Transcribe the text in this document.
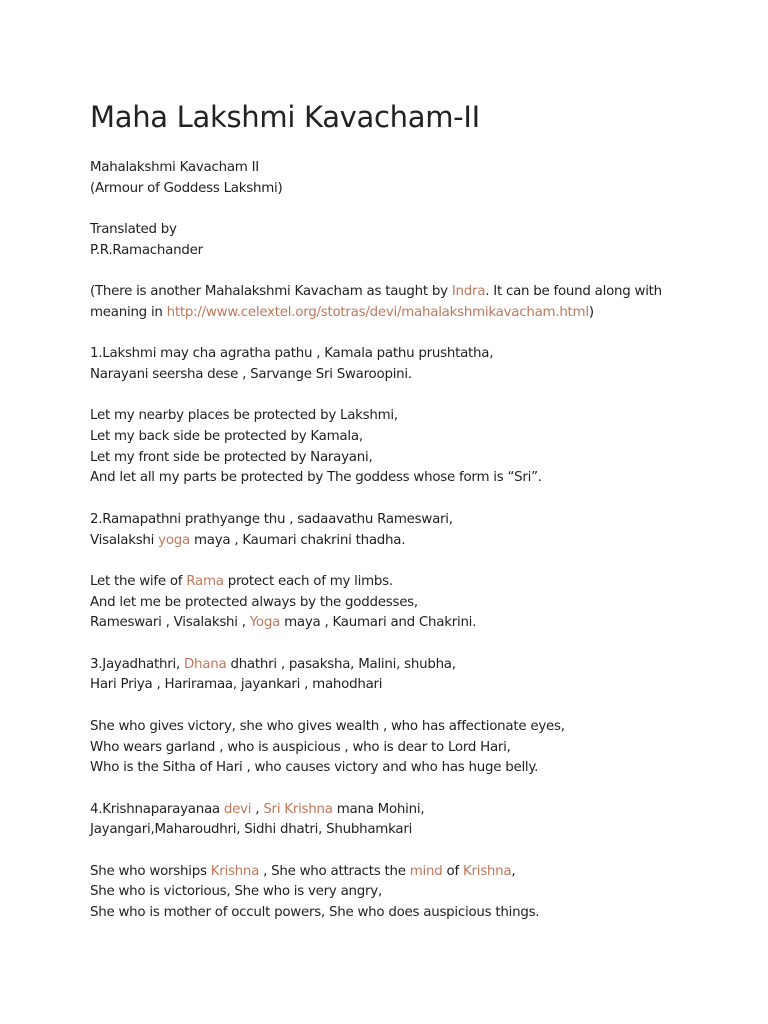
Maha Lakshmi Kavacham-II
Mahalakshmi Kavacham II
(Armour of Goddess Lakshmi)
Translated by
P.R.Ramachander
(There is another Mahalakshmi Kavacham as taught by Indra. It can be found along with
meaning in http://www.celextel.org/stotras/devi/mahalakshmikavacham.html)
1.Lakshmi may cha agratha pathu , Kamala pathu prushtatha,
Narayani seersha dese , Sarvange Sri Swaroopini.
Let my nearby places be protected by Lakshmi,
Let my back side be protected by Kamala,
Let my front side be protected by Narayani,
And let all my parts be protected by The goddess whose form is “Sri”.
2.Ramapathni prathyange thu , sadaavathu Rameswari,
Visalakshi yoga maya , Kaumari chakrini thadha.
Let the wife of Rama protect each of my limbs.
And let me be protected always by the goddesses,
Rameswari , Visalakshi , Yoga maya , Kaumari and Chakrini.
3.Jayadhathri, Dhana dhathri , pasaksha, Malini, shubha,
Hari Priya , Hariramaa, jayankari , mahodhari
She who gives victory, she who gives wealth , who has affectionate eyes,
Who wears garland , who is auspicious , who is dear to Lord Hari,
Who is the Sitha of Hari , who causes victory and who has huge belly.
4.Krishnaparayanaa devi , Sri Krishna mana Mohini,
Jayangari,Maharoudhri, Sidhi dhatri, Shubhamkari
She who worships Krishna , She who attracts the mind of Krishna,
She who is victorious, She who is very angry,
She who is mother of occult powers, She who does auspicious things.
